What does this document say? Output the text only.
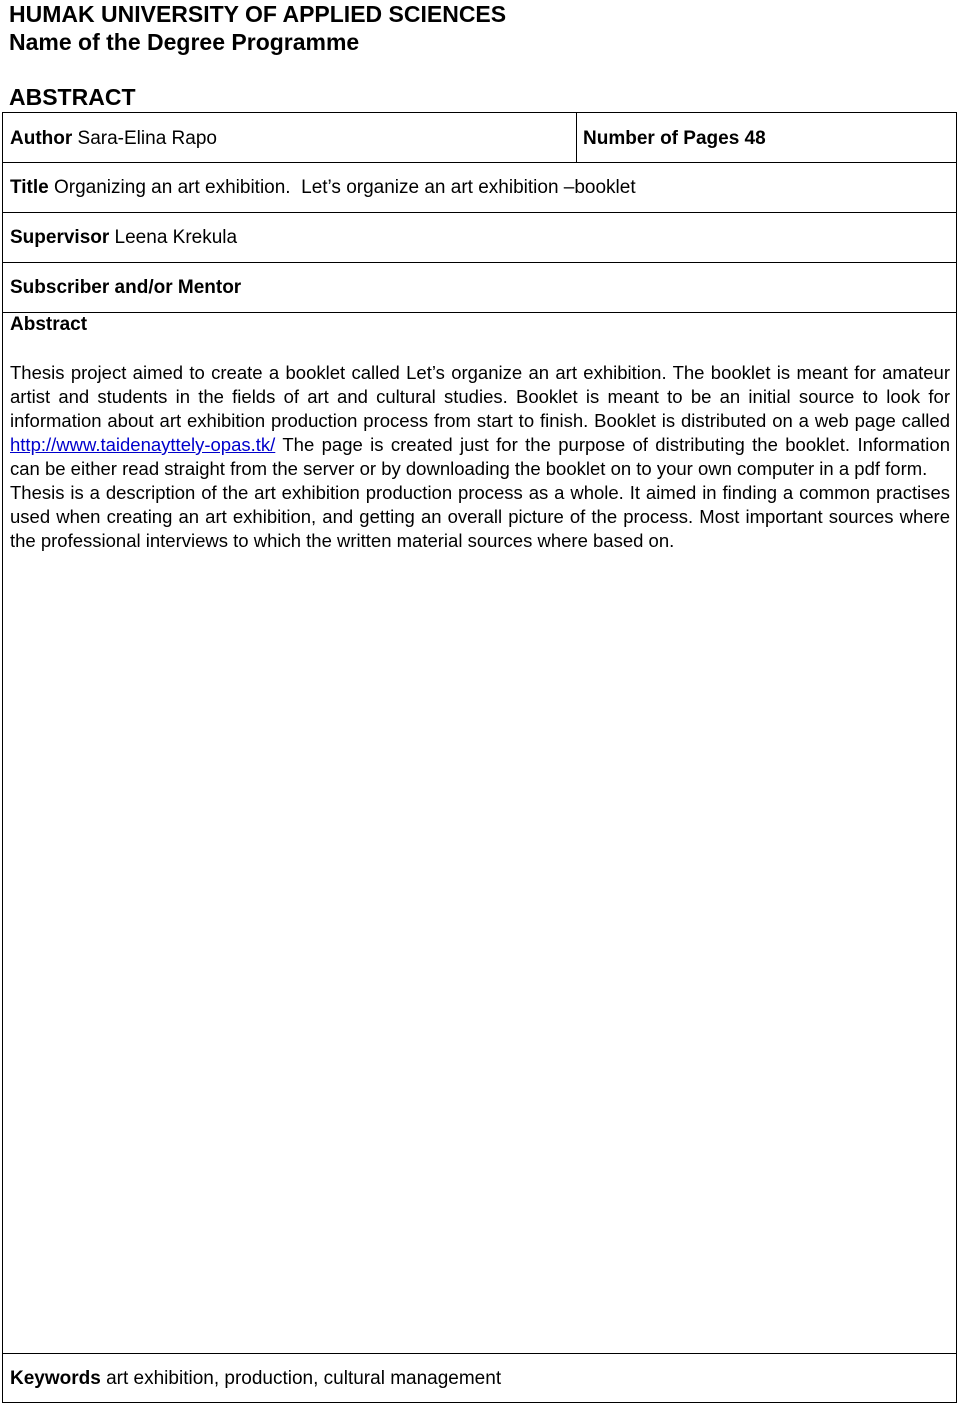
HUMAK UNIVERSITY OF APPLIED SCIENCES
Name of the Degree Programme
ABSTRACT
Author Sara-Elina Rapo	Number of Pages 48
Title Organizing an art exhibition.  Let’s organize an art exhibition –booklet
Supervisor Leena Krekula
Subscriber and/or Mentor
Abstract

Thesis project aimed to create a booklet called Let’s organize an art exhibition. The booklet is meant for amateur artist and students in the fields of art and cultural studies. Booklet is meant to be an initial source to look for information about art exhibition production process from start to finish. Booklet is distributed on a web page called http://www.taidenayttely-opas.tk/ The page is created just for the purpose of distributing the booklet. Information can be either read straight from the server or by downloading the booklet on to your own computer in a pdf form.

Thesis is a description of the art exhibition production process as a whole. It aimed in finding a common practises used when creating an art exhibition, and getting an overall picture of the process. Most important sources where the professional interviews to which the written material sources where based on.

Keywords art exhibition, production, cultural management
